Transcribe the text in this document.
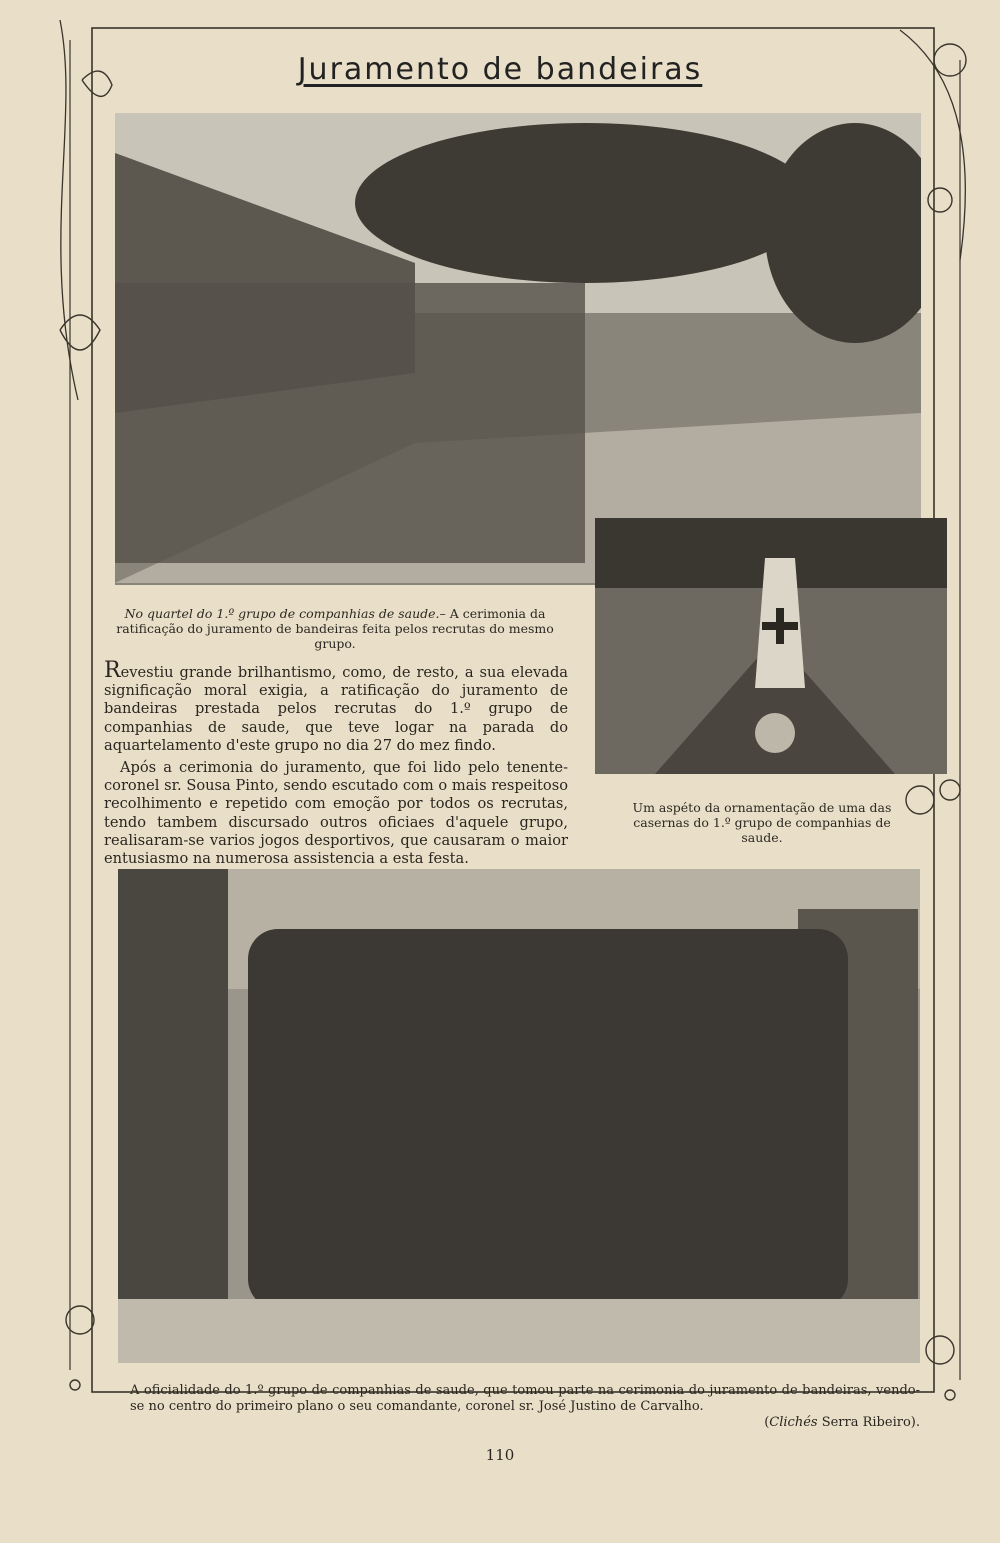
Juramento de bandeiras
No quartel do 1.º grupo de companhias de saude.– A cerimonia da ratificação do juramento de bandeiras feita pelos recrutas do mesmo grupo.

Revestiu grande brilhantismo, como, de resto, a sua elevada significação moral exigia, a ratificação do juramento de bandeiras prestada pelos recrutas do 1.º grupo de companhias de saude, que teve logar na parada do aquartelamento d'este grupo no dia 27 do mez findo.

Após a cerimonia do juramento, que foi lido pelo tenente-coronel sr. Sousa Pinto, sendo escutado com o mais respeitoso recolhimento e repetido com emoção por todos os recrutas, tendo tambem discursado outros oficiaes d'aquele grupo, realisaram-se varios jogos desportivos, que causaram o maior entusiasmo na numerosa assistencia a esta festa.

Um aspéto da ornamentação de uma das casernas do 1.º grupo de companhias de saude.
A oficialidade do 1.º grupo de companhias de saude, que tomou parte na cerimonia do juramento de bandeiras, vendo-se no centro do primeiro plano o seu comandante, coronel sr. José Justino de Carvalho.
(Clichés Serra Ribeiro).
110
